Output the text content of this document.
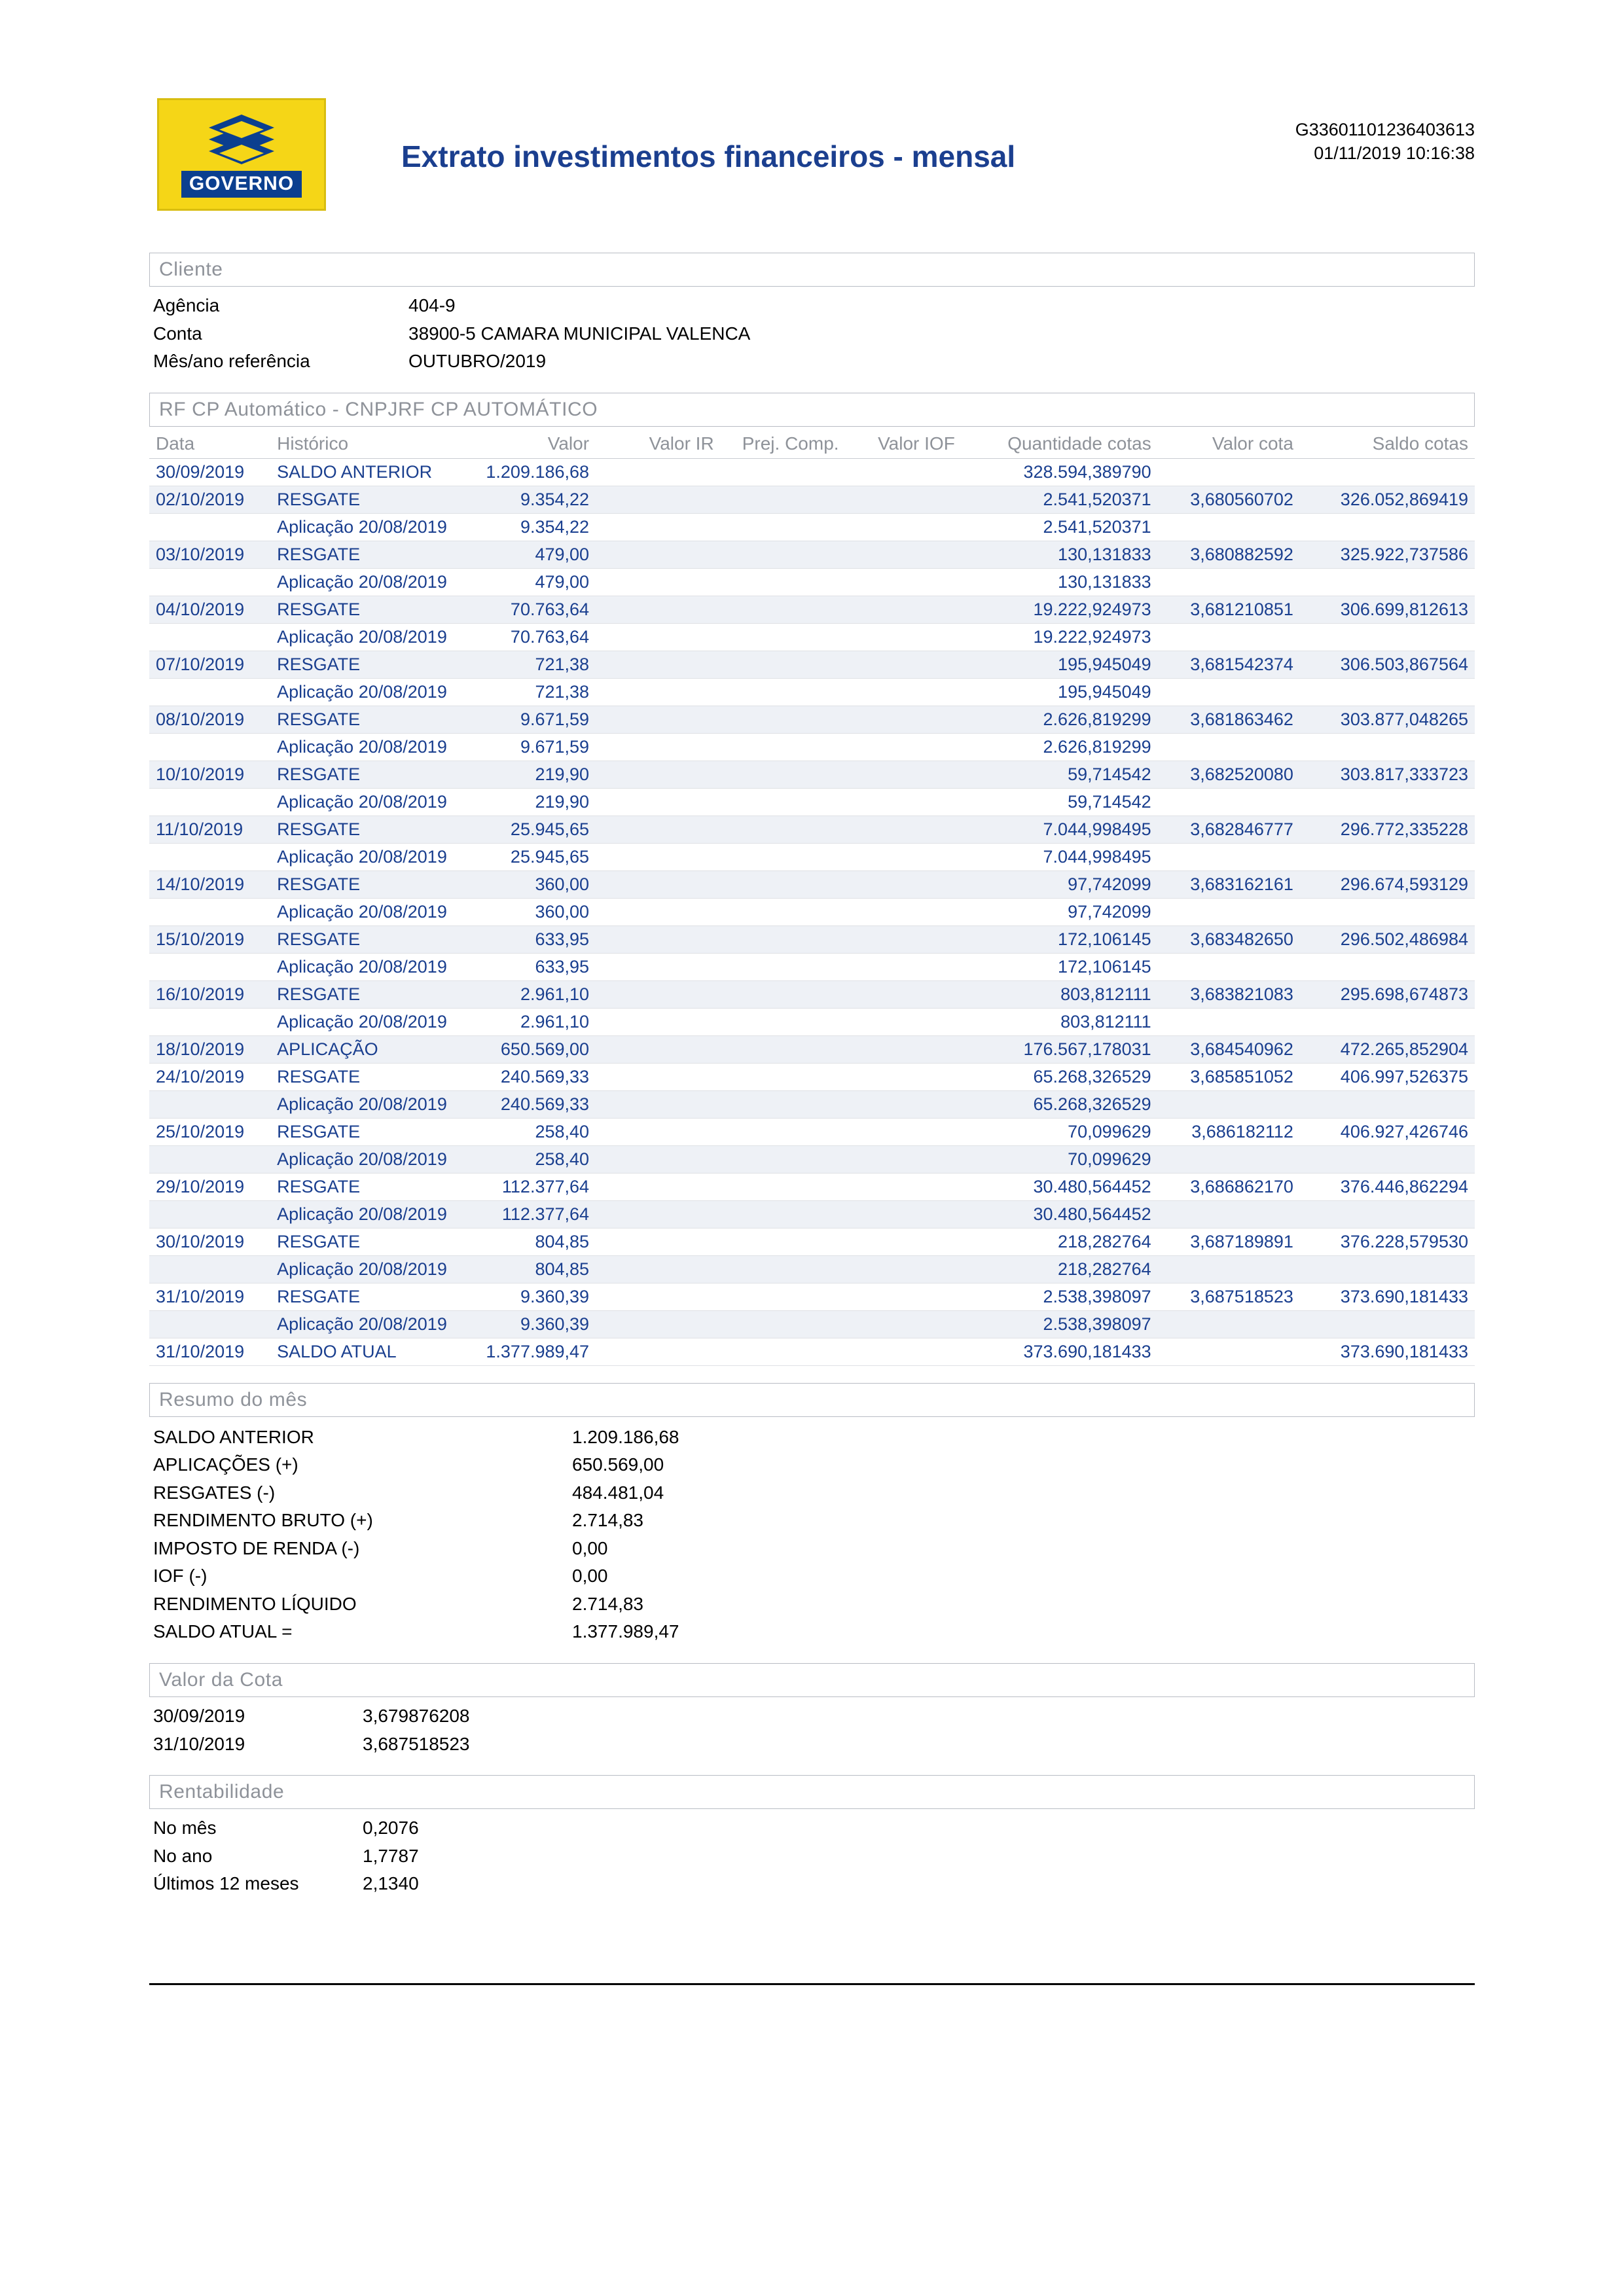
GOVERNO
Extrato investimentos financeiros - mensal
G33601101236403613
01/11/2019 10:16:38
Cliente
Agência	404-9
Conta	38900-5 CAMARA MUNICIPAL VALENCA
Mês/ano referência	OUTUBRO/2019
RF CP Automático - CNPJRF CP AUTOMÁTICO
Data	Histórico	Valor	Valor IR	Prej. Comp.	Valor IOF	Quantidade cotas	Valor cota	Saldo cotas
30/09/2019	SALDO ANTERIOR	1.209.186,68				328.594,389790		
02/10/2019	RESGATE	9.354,22				2.541,520371	3,680560702	326.052,869419
	Aplicação 20/08/2019	9.354,22				2.541,520371		
03/10/2019	RESGATE	479,00				130,131833	3,680882592	325.922,737586
	Aplicação 20/08/2019	479,00				130,131833		
04/10/2019	RESGATE	70.763,64				19.222,924973	3,681210851	306.699,812613
	Aplicação 20/08/2019	70.763,64				19.222,924973		
07/10/2019	RESGATE	721,38				195,945049	3,681542374	306.503,867564
	Aplicação 20/08/2019	721,38				195,945049		
08/10/2019	RESGATE	9.671,59				2.626,819299	3,681863462	303.877,048265
	Aplicação 20/08/2019	9.671,59				2.626,819299		
10/10/2019	RESGATE	219,90				59,714542	3,682520080	303.817,333723
	Aplicação 20/08/2019	219,90				59,714542		
11/10/2019	RESGATE	25.945,65				7.044,998495	3,682846777	296.772,335228
	Aplicação 20/08/2019	25.945,65				7.044,998495		
14/10/2019	RESGATE	360,00				97,742099	3,683162161	296.674,593129
	Aplicação 20/08/2019	360,00				97,742099		
15/10/2019	RESGATE	633,95				172,106145	3,683482650	296.502,486984
	Aplicação 20/08/2019	633,95				172,106145		
16/10/2019	RESGATE	2.961,10				803,812111	3,683821083	295.698,674873
	Aplicação 20/08/2019	2.961,10				803,812111		
18/10/2019	APLICAÇÃO	650.569,00				176.567,178031	3,684540962	472.265,852904
24/10/2019	RESGATE	240.569,33				65.268,326529	3,685851052	406.997,526375
	Aplicação 20/08/2019	240.569,33				65.268,326529		
25/10/2019	RESGATE	258,40				70,099629	3,686182112	406.927,426746
	Aplicação 20/08/2019	258,40				70,099629		
29/10/2019	RESGATE	112.377,64				30.480,564452	3,686862170	376.446,862294
	Aplicação 20/08/2019	112.377,64				30.480,564452		
30/10/2019	RESGATE	804,85				218,282764	3,687189891	376.228,579530
	Aplicação 20/08/2019	804,85				218,282764		
31/10/2019	RESGATE	9.360,39				2.538,398097	3,687518523	373.690,181433
	Aplicação 20/08/2019	9.360,39				2.538,398097		
31/10/2019	SALDO ATUAL	1.377.989,47				373.690,181433		373.690,181433
Resumo do mês
SALDO ANTERIOR	1.209.186,68
APLICAÇÕES (+)	650.569,00
RESGATES (-)	484.481,04
RENDIMENTO BRUTO (+)	2.714,83
IMPOSTO DE RENDA (-)	0,00
IOF (-)	0,00
RENDIMENTO LÍQUIDO	2.714,83
SALDO ATUAL =	1.377.989,47
Valor da Cota
30/09/2019	3,679876208
31/10/2019	3,687518523
Rentabilidade
No mês	0,2076
No ano	1,7787
Últimos 12 meses	2,1340
